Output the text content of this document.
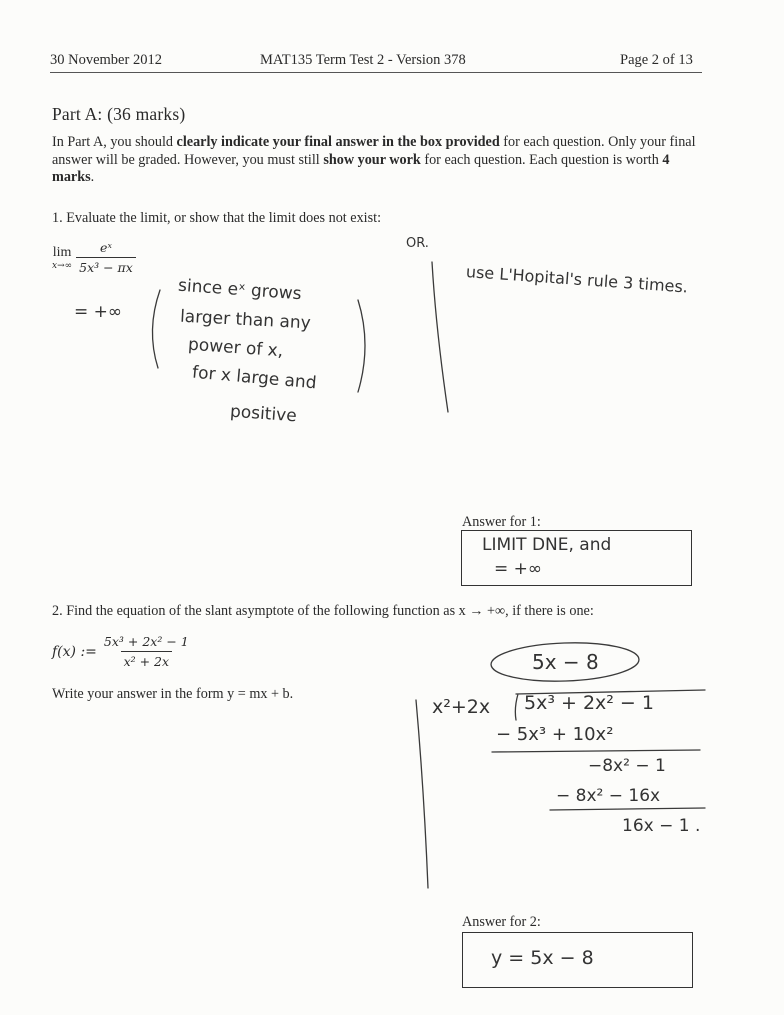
30 November 2012	MAT135 Term Test 2 - Version 378	Page 2 of 13
Part A: (36 marks)
In Part A, you should clearly indicate your final answer in the box provided for each question. Only your final answer will be graded. However, you must still show your work for each question. Each question is worth 4 marks.
1. Evaluate the limit, or show that the limit does not exist:
lim
$x\to\infty \frac{\text{eˣ}}{\text{5x³ − πx}}$
= +∞
since eˣ grows
larger than any
power of x,
for x large and
positive
OR.
use L'Hopital's rule 3 times.
Answer for 1:
LIMIT DNE, and
= +∞
2. Find the equation of the slant asymptote of the following function as x → +∞, if there is one:
f(x) := $\frac{\text{5x³ + 2x² − 1}}{\text{x² + 2x}}$
Write your answer in the form y = mx + b.
5x − 8
x²+2x 5x³ + 2x² − 1
− 5x³ + 10x²
−8x² − 1
− 8x² − 16x
16x − 1 .
Answer for 2:
y = 5x − 8
